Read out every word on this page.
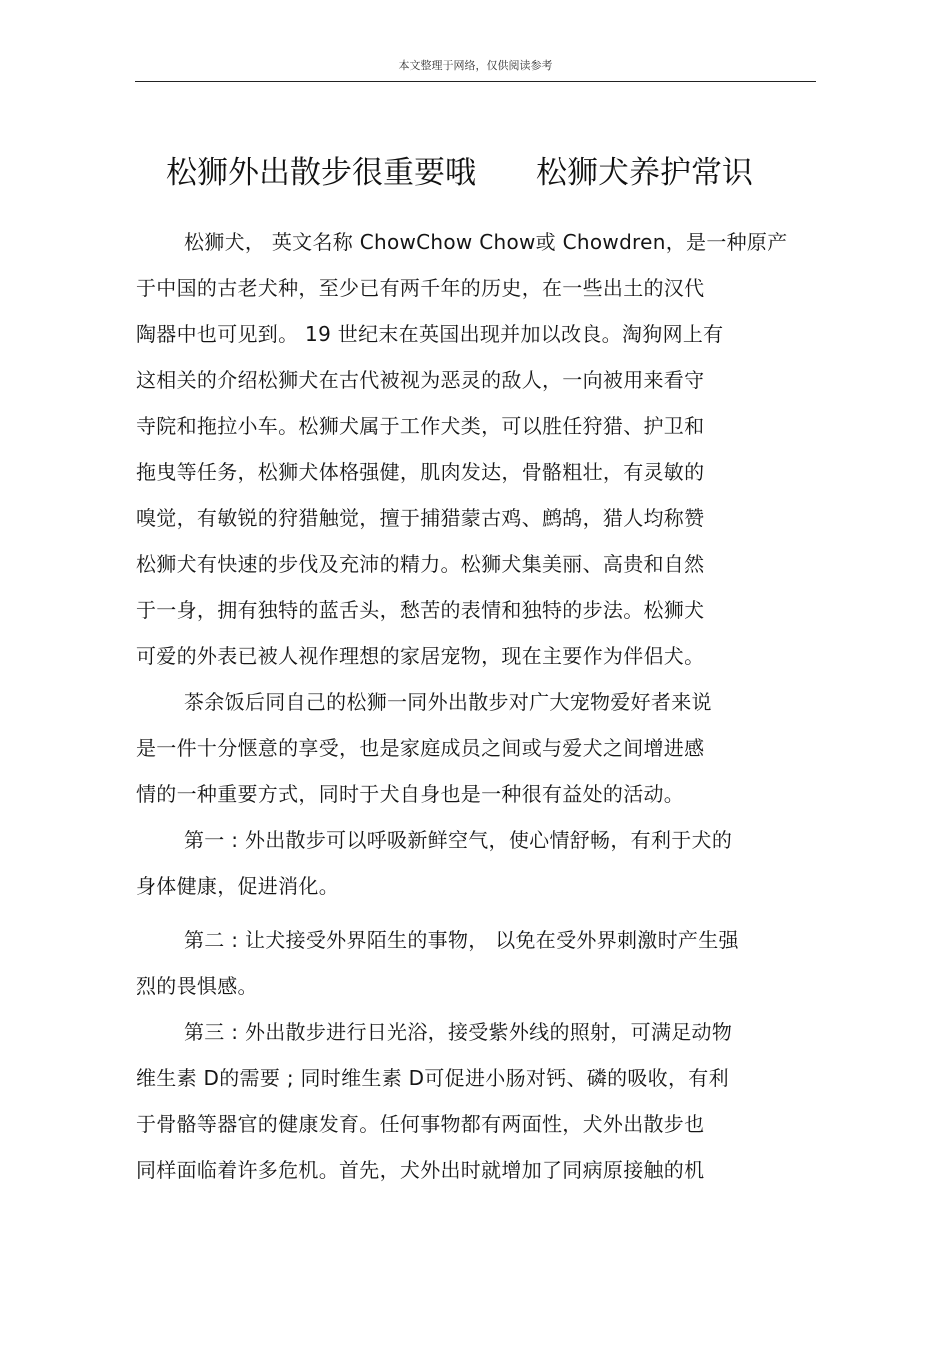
本文整理于网络，仅供阅读参考
松狮外出散步很重要哦 松狮犬养护常识
松狮犬， 英文名称 ChowChow Chow或 Chowdren，是一种原产
于中国的古老犬种，至少已有两千年的历史，在一些出土的汉代
陶器中也可见到。 19 世纪末在英国出现并加以改良。淘狗网上有
这相关的介绍松狮犬在古代被视为恶灵的敌人，一向被用来看守
寺院和拖拉小车。松狮犬属于工作犬类，可以胜任狩猎、护卫和
拖曳等任务，松狮犬体格强健，肌肉发达，骨骼粗壮，有灵敏的
嗅觉，有敏锐的狩猎触觉，擅于捕猎蒙古鸡、鹧鸪，猎人均称赞
松狮犬有快速的步伐及充沛的精力。松狮犬集美丽、高贵和自然
于一身，拥有独特的蓝舌头，愁苦的表情和独特的步法。松狮犬
可爱的外表已被人视作理想的家居宠物，现在主要作为伴侣犬。
茶余饭后同自己的松狮一同外出散步对广大宠物爱好者来说
是一件十分惬意的享受，也是家庭成员之间或与爱犬之间增进感
情的一种重要方式，同时于犬自身也是一种很有益处的活动。
第一 : 外出散步可以呼吸新鲜空气，使心情舒畅，有利于犬的
身体健康，促进消化。
第二 : 让犬接受外界陌生的事物， 以免在受外界刺激时产生强
烈的畏惧感。
第三 : 外出散步进行日光浴，接受紫外线的照射，可满足动物
维生素 D的需要 ; 同时维生素 D可促进小肠对钙、磷的吸收，有利
于骨骼等器官的健康发育。任何事物都有两面性，犬外出散步也
同样面临着许多危机。首先，犬外出时就增加了同病原接触的机
